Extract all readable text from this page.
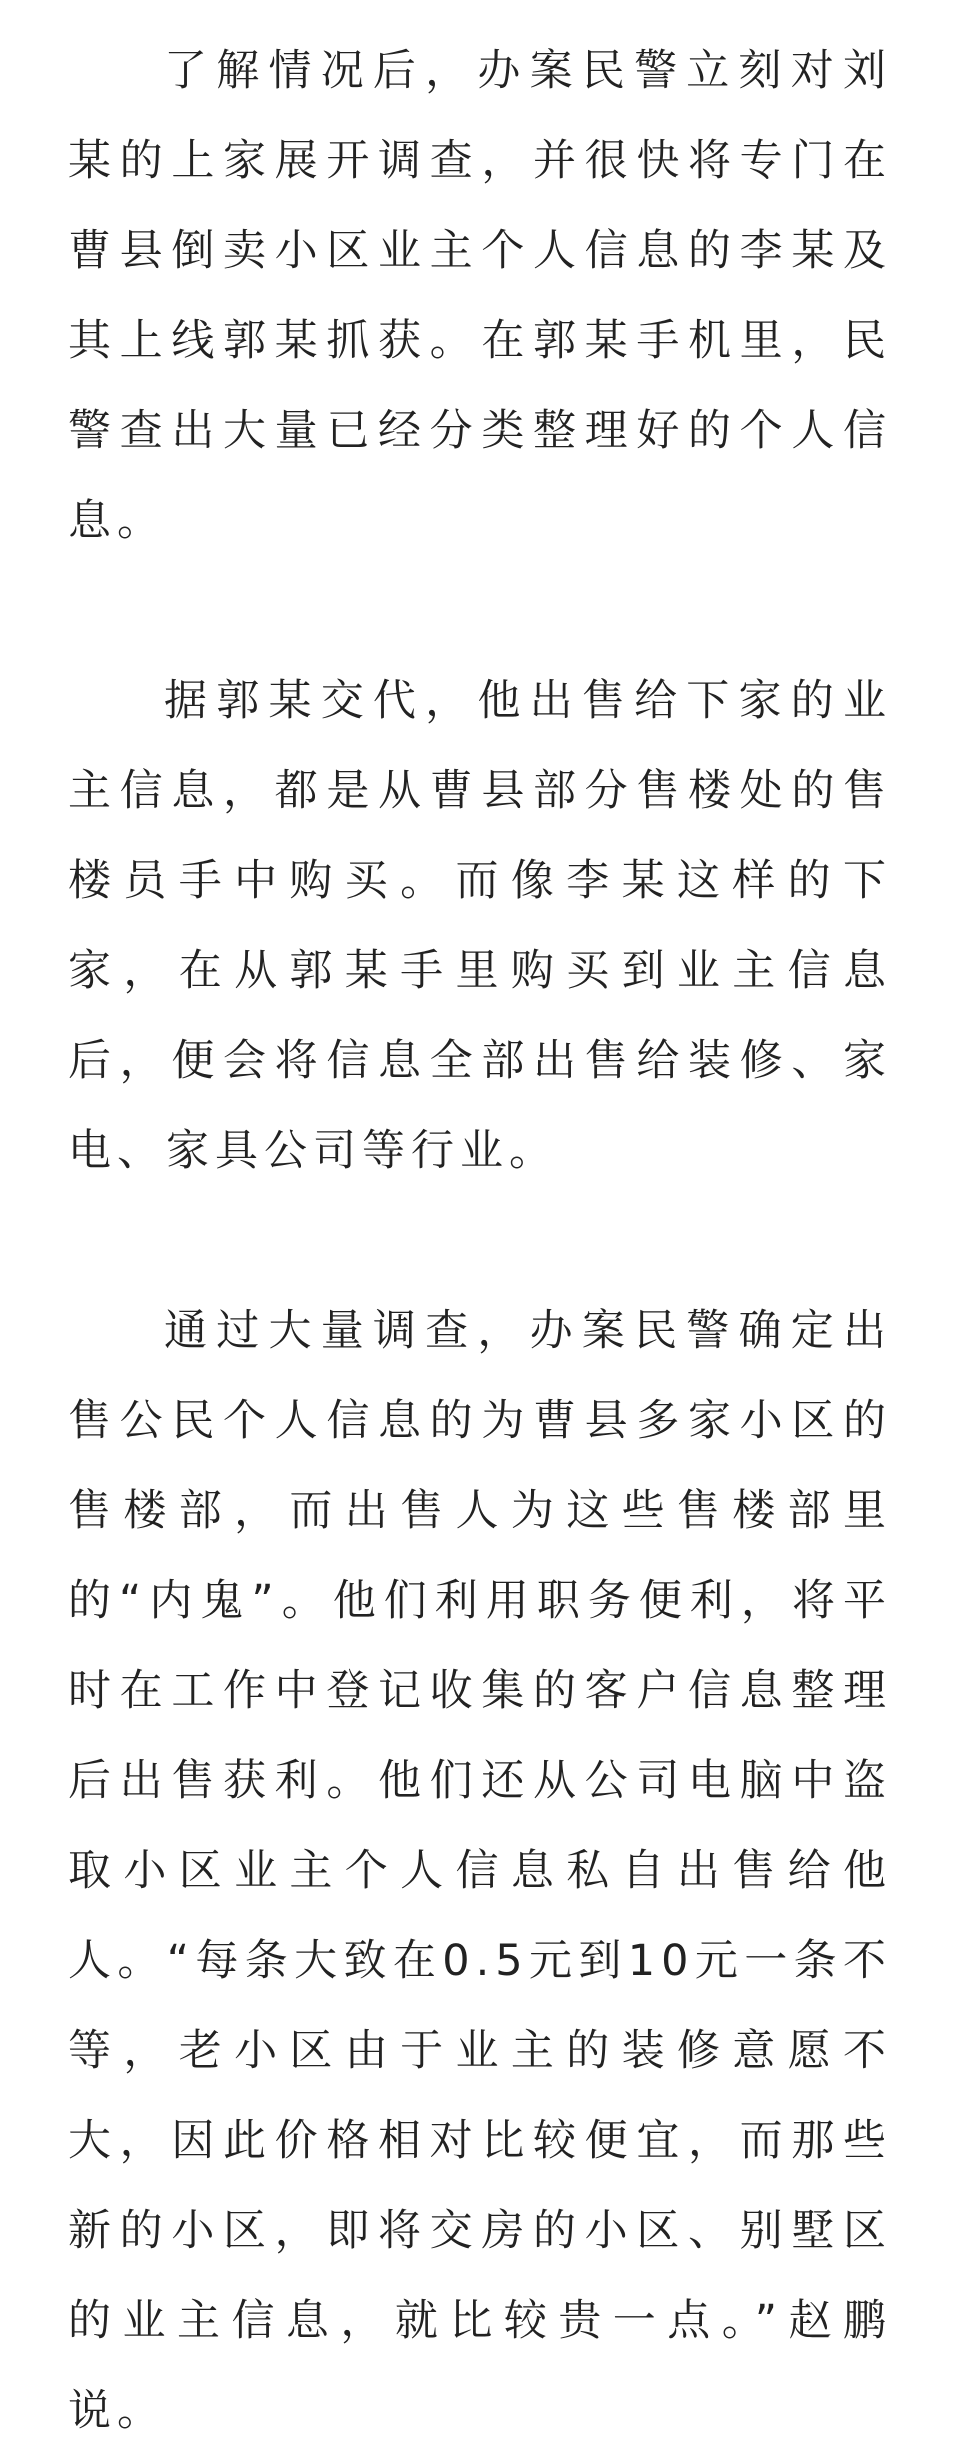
了解情况后，办案民警立刻对刘某的上家展开调查，并很快将专门在曹县倒卖小区业主个人信息的李某及其上线郭某抓获。在郭某手机里，民警查出大量已经分类整理好的个人信息。

据郭某交代，他出售给下家的业主信息，都是从曹县部分售楼处的售楼员手中购买。而像李某这样的下家，在从郭某手里购买到业主信息后，便会将信息全部出售给装修、家电、家具公司等行业。

通过大量调查，办案民警确定出售公民个人信息的为曹县多家小区的售楼部，而出售人为这些售楼部里的“内鬼”。他们利用职务便利，将平时在工作中登记收集的客户信息整理后出售获利。他们还从公司电脑中盗取小区业主个人信息私自出售给他人。“每条大致在0.5元到10元一条不等，老小区由于业主的装修意愿不大，因此价格相对比较便宜，而那些新的小区，即将交房的小区、别墅区的业主信息，就比较贵一点。”赵鹏说。
